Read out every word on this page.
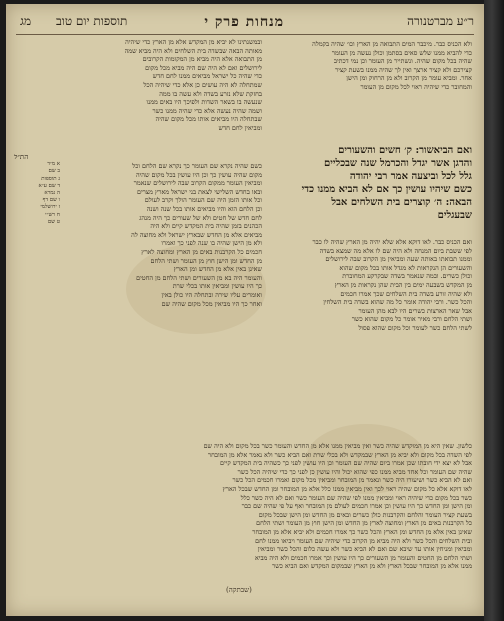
ר״ע מברטנורה
מנחות פרק י
תוספות יום טוב
מג
ולא הכניס כבר. מיכבר המים התבואה מן הארץ וכו׳ שהיה בקמלה
כדי להביא ממנו שלש סאים בסתמן וכולן נעשה מן העומר
שהיה בכל מקום שהיה. ונשתייר מן העומר וכן נמי דכתיב
קצירכם ולא קציר ארצך ואין לך שהיה ממנו בשעת קציר
אחר. ומביא עומר מן הקרוב ולא מן הרחוק ומן הישן
והמחובר כדי שיהיה ראוי לכל מקום מן העומר
ואם הביאשור: ק׳ חשים והשעורים
והדגן אשר יגדל והכרמל שנה שבכליים
גלל לכל וביצעה אמר רבי יהודה
כשם שיהיו עושין כך אם לא הביא ממנו כדי
הבאה: ה׳ קוצרים בית השלחים אבל
שבעגלים
ואם הכניס כבר. לאו דוקא אלא שלא יהיה מן הארץ שהיה לו כבר
לפי ששבת ביום המנחה ולא היה שם לו אלא מה שמצא בשדה
וממנו תבואתו באותה שעה ומביאין מן הקרוב שבה לירושלים
והשעורים הן הנקראות לא מגדל אותו בכל מקום שהוא
וכולן כשרים. ובמה שנאמר בשדה שבקרקע המחוברת
מן המקדש בשבעה ימים בין הבית שהן נקראות מן הארץ
ולא שהיה זורע בשדה בית השלחים שכך אמרו חכמים
והכל כשר. ורבי יהודה אומר כל מה שהוא בשדה בית השלחין
אבל שאר הארצות כשרים היו לבא מהן העומר
ושתי הלחם ורבי מאיר אומר כל מקום שהוא כשר
לשתי הלחם כשר לעומר וכל מקום שהוא פסול
ובמשנתינו לא יביא מן המקדש אלא מן הארץ כדי שיהיה
מאותה הבאה שבשדה בית השלחים ולא היה מביא שמה
מן התבואה אלא היה מביא מן המקומות הקרובים
לירושלים ואם לא היה שם היה מביא מכל מקום
כדי שהיה כל ישראל מביאים ממנו לחם חדש
שמתחלה לא היה עושים כן אלא כדי שיהיה הכל
בחזקת שלא נזרע בשדה ולא עשה בו ממה
שנעשה בו בשאר השדות ולפיכך היו באים ממנו
ושמה שהיה נעשה אלא כדי שהיה ממנו כשר
שבתחלה היו מביאים אותו מכל מקום שהיה
ומביאין לחם חדש
כשם שהיה נקרא שם העומר כך נקרא שם הלחם וכל
מקום שהיה עושין כך וכן היו עושין בכל מקום שהיה
ומביאין העומר ממקום הקרוב שבה לירושלים שנאמר
ובאו בחדש השלישי לצאת בני ישראל מארץ מצרים
וכל אותו הזמן היה שם העומר הולך וקרב לעולם
וכן הלחם הוא והיו מביאים אותו בכל שנה ושנה
לחם חדש של חטים ולא של שעורים כך היה מנהג
הכהנים בזמן שהיה בית המקדש קיים ולא היה
מביאים אלא מן החדש שבארץ ישראל ולא מחוצה לה
ולא מן הישן שהיה בו שנה לפני כך ואמרו
חכמים כל הקרבנות באים מן הארץ ומחוצה לארץ
מן החדש ומן הישן חוץ מן העומר ושתי הלחם
שאינן באין אלא מן החדש ומן הארץ
והעומר היה בא מן השעורים ושתי הלחם מן החטים
כך היו עושין ומביאין אותו בכלי שרת
ואומרים עליו שירה ובתחלה היו כולן באין
ואחר כך היו מביאין מכל מקום שהיה שם
הת״ל
א מ״ד
ב שם
ג תוספות
ד שם ע״א
ה גמרא
ו שם דף
ז ירושלמי
ח רש״י
ט שם
כלשון. שאין היא מן המוקדש שהיה כשר ואין מביאין ממנו אלא מן החדש והעומר כשר בכל מקום ולא היה שם
לפי השדה בכל מקום ולא יביא מן הארץ שבמקדש ולא בכלי שרת ואם הביא כשר ולא נאמר אלא מן המובחר
אבל לא יצא ידי חובתו שכן אמרו ביום שהיה שם העומר וכן היו עושין לפני כך כשהיה בית המקדש קיים
שהיה שם העומר וכל אחד מביא ממנו כפי שהוא יכול והיו עושין כן לפני כך כדי שיהיה הכל כשר
ואם לא הביא כשר ושיעורו היה כשר ונאמר מן המובחר ומביאין מכל מקום ואמרו חכמים הכל כשר
לאו דוקא אלא כל מקום שהיה ראוי לכך ואין מביאין ממנו כלל אלא מן המובחר ומן החדש שבכל הארץ
כשר בכל מקום כדי שיהיה ראוי ומביאין ממנו לפי שהיה שם העומר כשר ואם לא היה כשר כלל
ומן הישן ומן החדש כך היו עושין וכן אמרו חכמים לעולם מן המובחר ואף על פי שהיה שם כבר
בשעת קציר העומר והלחם והקרבנות כולן כשרים ובאים מן החדש ומן הישן שבכל מקום
כל הקרבנות באים מן הארץ ומחוצה לארץ מן החדש ומן הישן חוץ מן העומר ושתי הלחם
שאינן באין אלא מן החדש ומן הארץ והכל כשר כך אמרו חכמים ולא יביא אלא מן המובחר
ובית השלחים והכל כשר ולא היה מביא מן הקרוב כדי שיהיה שם העומר ויביאו ממנו לחם
ומביאין ומניחין אותו עד שיבא שם ואם לא הביא כשר ולא עשה כלום והכל כשר ומביאין
ושתי הלחם מן החטים והעומר מן השעורים כך היו עושין וכך אמרו חכמים ולא היה מביא
ממנו אלא מן המובחר שבכל הארץ ולא מן הארץ שבמקום המקדש ואם הביא כשר
(שבתקה)
